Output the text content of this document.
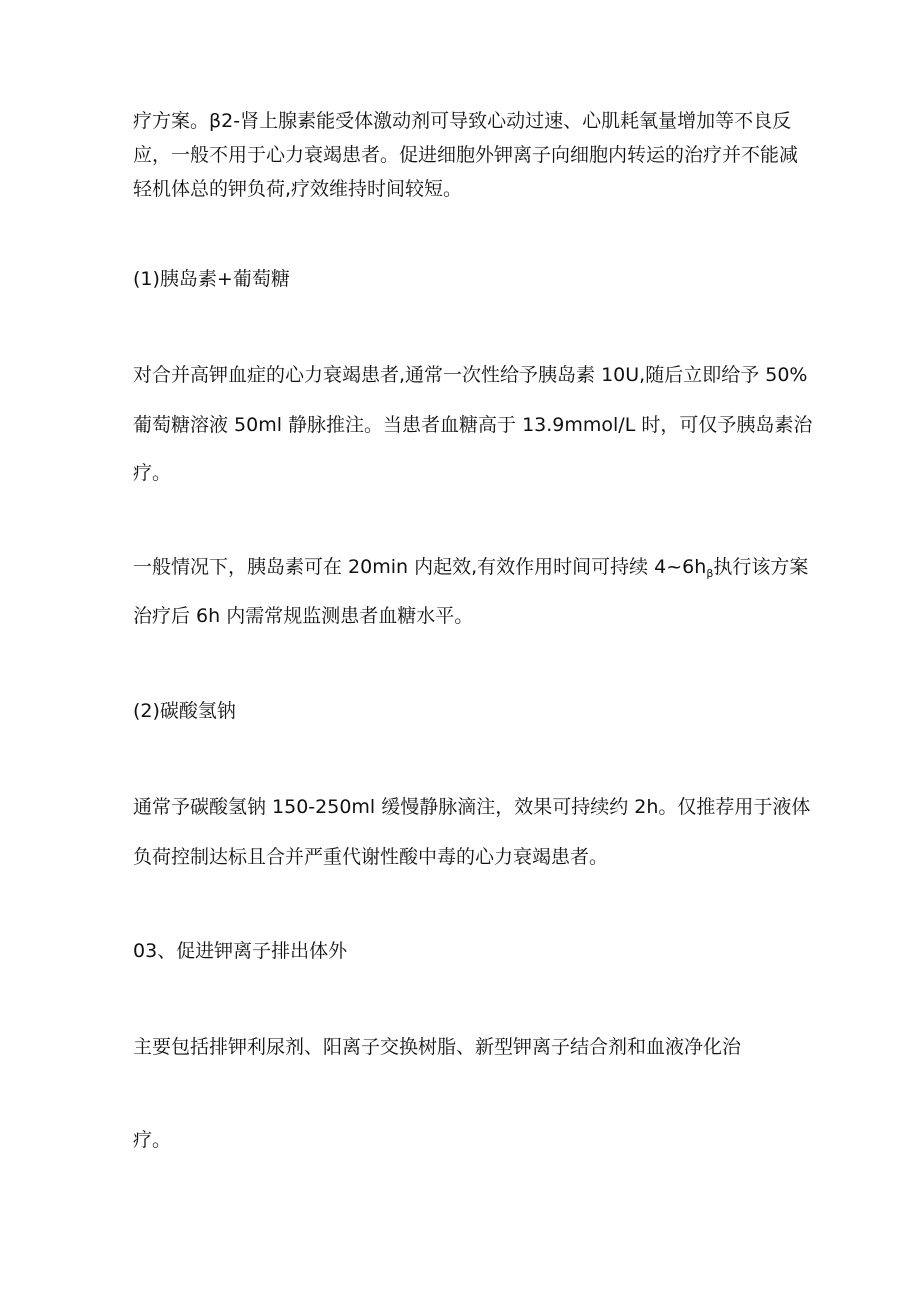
疗方案。β2-肾上腺素能受体激动剂可导致心动过速、心肌耗氧量增加等不良反
应，一般不用于心力衰竭患者。促进细胞外钾离子向细胞内转运的治疗并不能减
轻机体总的钾负荷,疗效维持时间较短。
(1)胰岛素+葡萄糖
对合并高钾血症的心力衰竭患者,通常一次性给予胰岛素 10U,随后立即给予 50%
葡萄糖溶液 50ml 静脉推注。当患者血糖高于 13.9mmol/L 时，可仅予胰岛素治
疗。
一般情况下，胰岛素可在 20min 内起效,有效作用时间可持续 $4\sim 6h_\beta$执行该方案
治疗后 6h 内需常规监测患者血糖水平。
(2)碳酸氢钠
通常予碳酸氢钠 150-250ml 缓慢静脉滴注，效果可持续约 2h。仅推荐用于液体
负荷控制达标且合并严重代谢性酸中毒的心力衰竭患者。
03、促进钾离子排出体外
主要包括排钾利尿剂、阳离子交换树脂、新型钾离子结合剂和血液净化治
疗。
